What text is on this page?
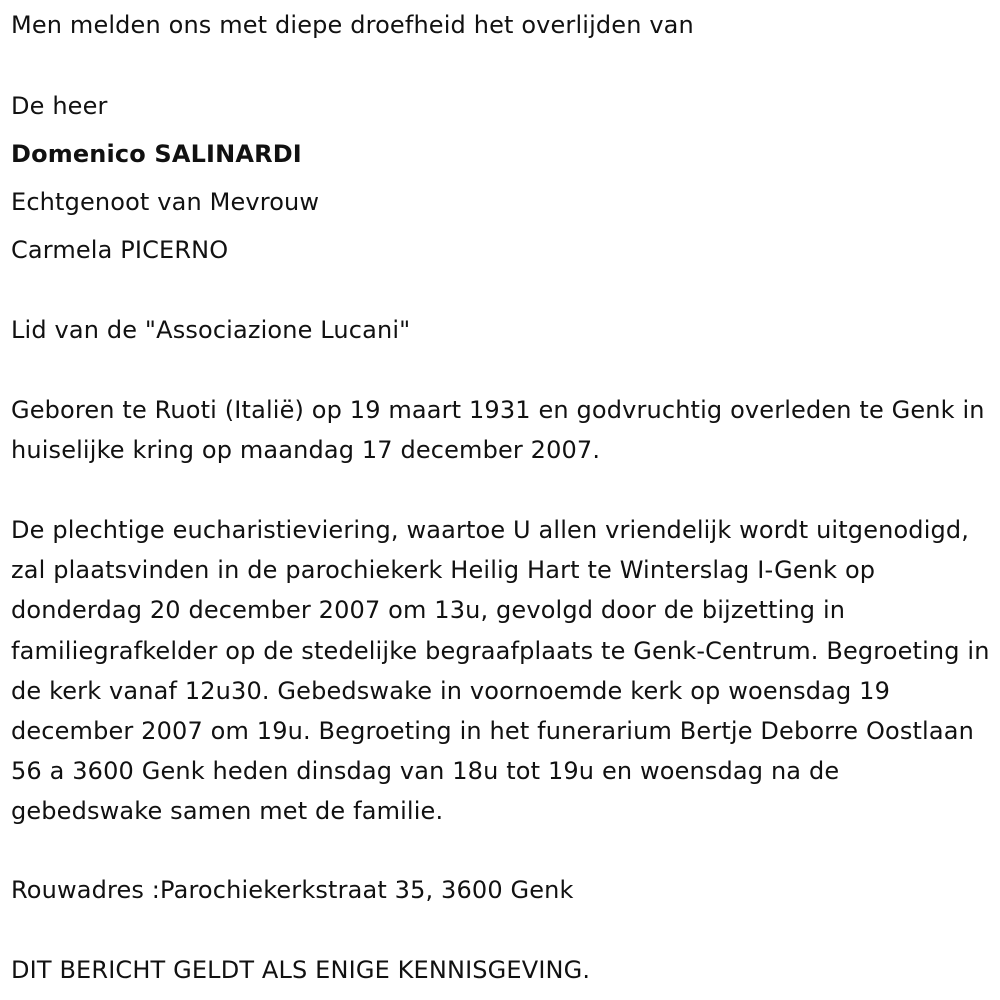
Men melden ons met diepe droefheid het overlijden van
De heer
Domenico SALINARDI
Echtgenoot van Mevrouw
Carmela PICERNO
Lid van de "Associazione Lucani"
Geboren te Ruoti (Italië) op 19 maart 1931 en godvruchtig overleden te Genk in huiselijke kring op maandag 17 december 2007.
De plechtige eucharistieviering, waartoe U allen vriendelijk wordt uitgenodigd, zal plaatsvinden in de parochiekerk Heilig Hart te Winterslag I-Genk op donderdag 20 december 2007 om 13u, gevolgd door de bijzetting in familiegrafkelder op de stedelijke begraafplaats te Genk-Centrum. Begroeting in de kerk vanaf 12u30. Gebedswake in voornoemde kerk op woensdag 19 december 2007 om 19u. Begroeting in het funerarium Bertje Deborre Oostlaan 56 a 3600 Genk heden dinsdag van 18u tot 19u en woensdag na de gebedswake samen met de familie.
Rouwadres :Parochiekerkstraat 35, 3600 Genk
DIT BERICHT GELDT ALS ENIGE KENNISGEVING.
